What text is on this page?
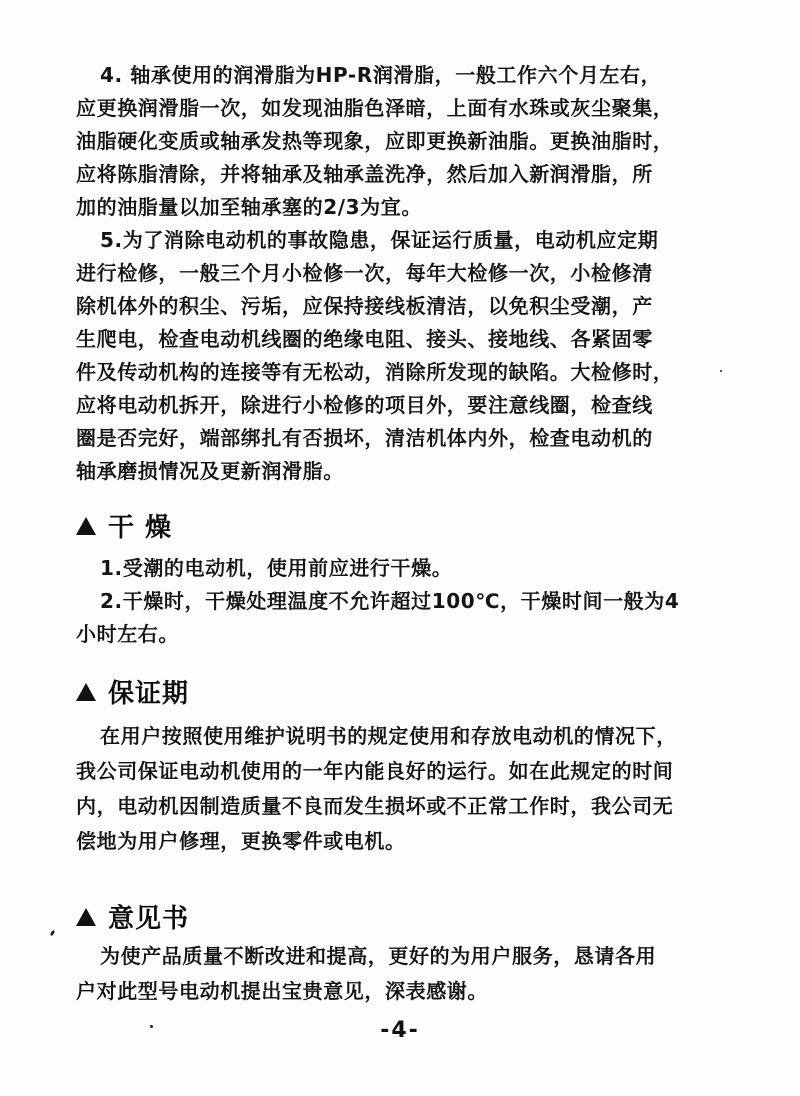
4. 轴承使用的润滑脂为HP-R润滑脂，一般工作六个月左右，
应更换润滑脂一次，如发现油脂色泽暗，上面有水珠或灰尘聚集，
油脂硬化变质或轴承发热等现象，应即更换新油脂。更换油脂时，
应将陈脂清除，并将轴承及轴承盖洗净，然后加入新润滑脂，所
加的油脂量以加至轴承塞的2/3为宜。
5.为了消除电动机的事故隐患，保证运行质量，电动机应定期
进行检修，一般三个月小检修一次，每年大检修一次，小检修清
除机体外的积尘、污垢，应保持接线板清洁，以免积尘受潮，产
生爬电，检查电动机线圈的绝缘电阻、接头、接地线、各紧固零
件及传动机构的连接等有无松动，消除所发现的缺陷。大检修时，
应将电动机拆开，除进行小检修的项目外，要注意线圈，检查线
圈是否完好，端部绑扎有否损坏，清洁机体内外，检查电动机的
轴承磨损情况及更新润滑脂。
干 燥
1.受潮的电动机，使用前应进行干燥。
2.干燥时，干燥处理温度不允许超过100℃，干燥时间一般为4
小时左右。
保证期
在用户按照使用维护说明书的规定使用和存放电动机的情况下，
我公司保证电动机使用的一年内能良好的运行。如在此规定的时间
内，电动机因制造质量不良而发生损坏或不正常工作时，我公司无
偿地为用户修理，更换零件或电机。
意见书
为使产品质量不断改进和提高，更好的为用户服务，恳请各用
户对此型号电动机提出宝贵意见，深表感谢。
-4-
